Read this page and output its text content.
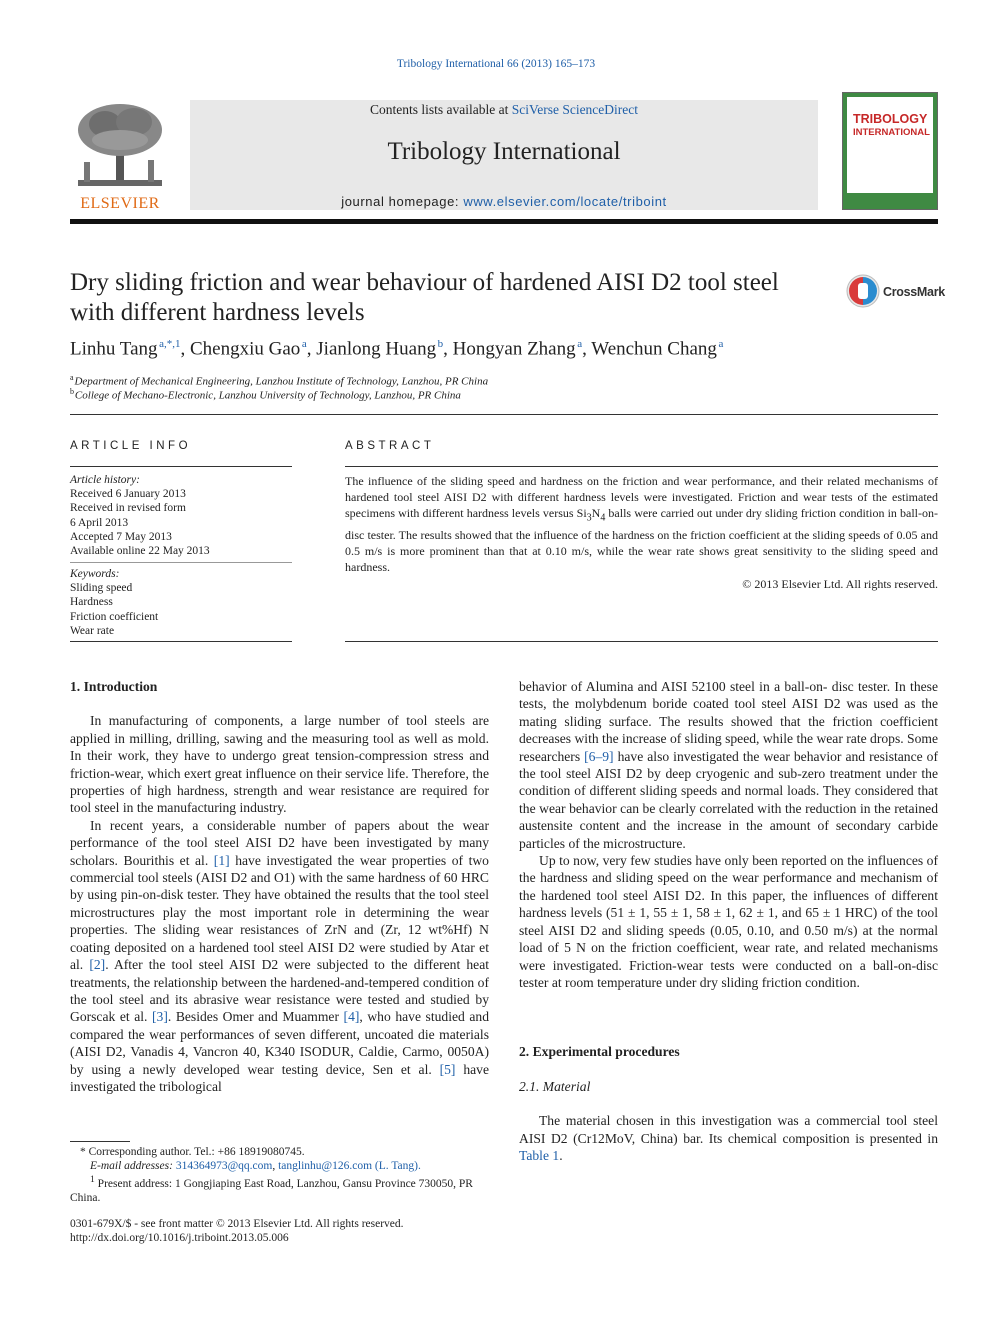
Tribology International 66 (2013) 165–173
ELSEVIER
Contents lists available at SciVerse ScienceDirect
Tribology International
journal homepage: www.elsevier.com/locate/triboint
TRIBOLOGY
INTERNATIONAL
Dry sliding friction and wear behaviour of hardened AISI D2 tool steel
with different hardness levels
CrossMark
Linhu Tang  $^{a,*,1}$, Chengxiu Gao  $^a$, Jianlong Huang  $^b$, Hongyan Zhang  $^a$, Wenchun Chang  $^a$
$^a$ Department of Mechanical Engineering, Lanzhou Institute of Technology, Lanzhou, PR China
$^b$ College of Mechano-Electronic, Lanzhou University of Technology, Lanzhou, PR China
ARTICLE INFO
Article history:
Received 6 January 2013
Received in revised form
6 April 2013
Accepted 7 May 2013
Available online 22 May 2013
Keywords:
Sliding speed
Hardness
Friction coefficient
Wear rate
ABSTRACT
The influence of the sliding speed and hardness on the friction and wear performance, and their related mechanisms of hardened tool steel AISI D2 with different hardness levels were investigated. Friction and wear tests of the estimated specimens with different hardness levels versus $Si_3N_4$ balls were carried out under dry sliding friction condition in ball-on-disc tester. The results showed that the influence of the hardness on the friction coefficient at the sliding speeds of 0.05 and 0.5 m/s is more prominent than that at 0.10 m/s, while the wear rate shows great sensitivity to the sliding speed and hardness.
© 2013 Elsevier Ltd. All rights reserved.
1. Introduction

In manufacturing of components, a large number of tool steels are applied in milling, drilling, sawing and the measuring tool as well as mold. In their work, they have to undergo great tension-compression stress and friction-wear, which exert great influence on their service life. Therefore, the properties of high hardness, strength and wear resistance are required for tool steel in the manufacturing industry.

In recent years, a considerable number of papers about the wear performance of the tool steel AISI D2 have been investigated by many scholars. Bourithis et al. [1] have investigated the wear properties of two commercial tool steels (AISI D2 and O1) with the same hardness of 60 HRC by using pin-on-disk tester. They have obtained the results that the tool steel microstructures play the most important role in determining the wear properties. The sliding wear resistances of ZrN and (Zr, 12 wt%Hf) N coating deposited on a hardened tool steel AISI D2 were studied by Atar et al. [2]. After the tool steel AISI D2 were subjected to the different heat treatments, the relationship between the hardened-and-tempered condition of the tool steel and its abrasive wear resistance were tested and studied by Gorscak et al. [3]. Besides Omer and Muammer [4], who have studied and compared the wear performances of seven different, uncoated die materials (AISI D2, Vanadis 4, Vancron 40, K340 ISODUR, Caldie, Carmo, 0050A) by using a newly developed wear testing device, Sen et al. [5] have investigated the tribological

behavior of Alumina and AISI 52100 steel in a ball-on- disc tester. In these tests, the molybdenum boride coated tool steel AISI D2 was used as the mating sliding surface. The results showed that the friction coefficient decreases with the increase of sliding speed, while the wear rate drops. Some researchers [6–9] have also investigated the wear behavior and resistance of the tool steel AISI D2 by deep cryogenic and sub-zero treatment under the condition of different sliding speeds and normal loads. They considered that the wear behavior can be clearly correlated with the reduction in the retained austensite content and the increase in the amount of secondary carbide particles of the microstructure.

Up to now, very few studies have only been reported on the influences of the hardness and sliding speed on the wear performance and mechanism of the hardened tool steel AISI D2. In this paper, the influences of different hardness levels (51 ± 1, 55 ± 1, 58 ± 1, 62 ± 1, and 65 ± 1 HRC) of the tool steel AISI D2 and sliding speeds (0.05, 0.10, and 0.50 m/s) at the normal load of 5 N on the friction coefficient, wear rate, and related mechanisms were investigated. Friction-wear tests were conducted on a ball-on-disc tester at room temperature under dry sliding friction condition.

2. Experimental procedures
2.1. Material

The material chosen in this investigation was a commercial tool steel AISI D2 (Cr12MoV, China) bar. Its chemical composition is presented in Table 1.

* Corresponding author. Tel.: +86 18919080745.
E-mail addresses: 314364973@qq.com, tanglinhu@126.com (L. Tang).
$^1$ Present address: 1 Gongjiaping East Road, Lanzhou, Gansu Province 730050, PR China.
0301-679X/$ - see front matter © 2013 Elsevier Ltd. All rights reserved.
http://dx.doi.org/10.1016/j.triboint.2013.05.006
